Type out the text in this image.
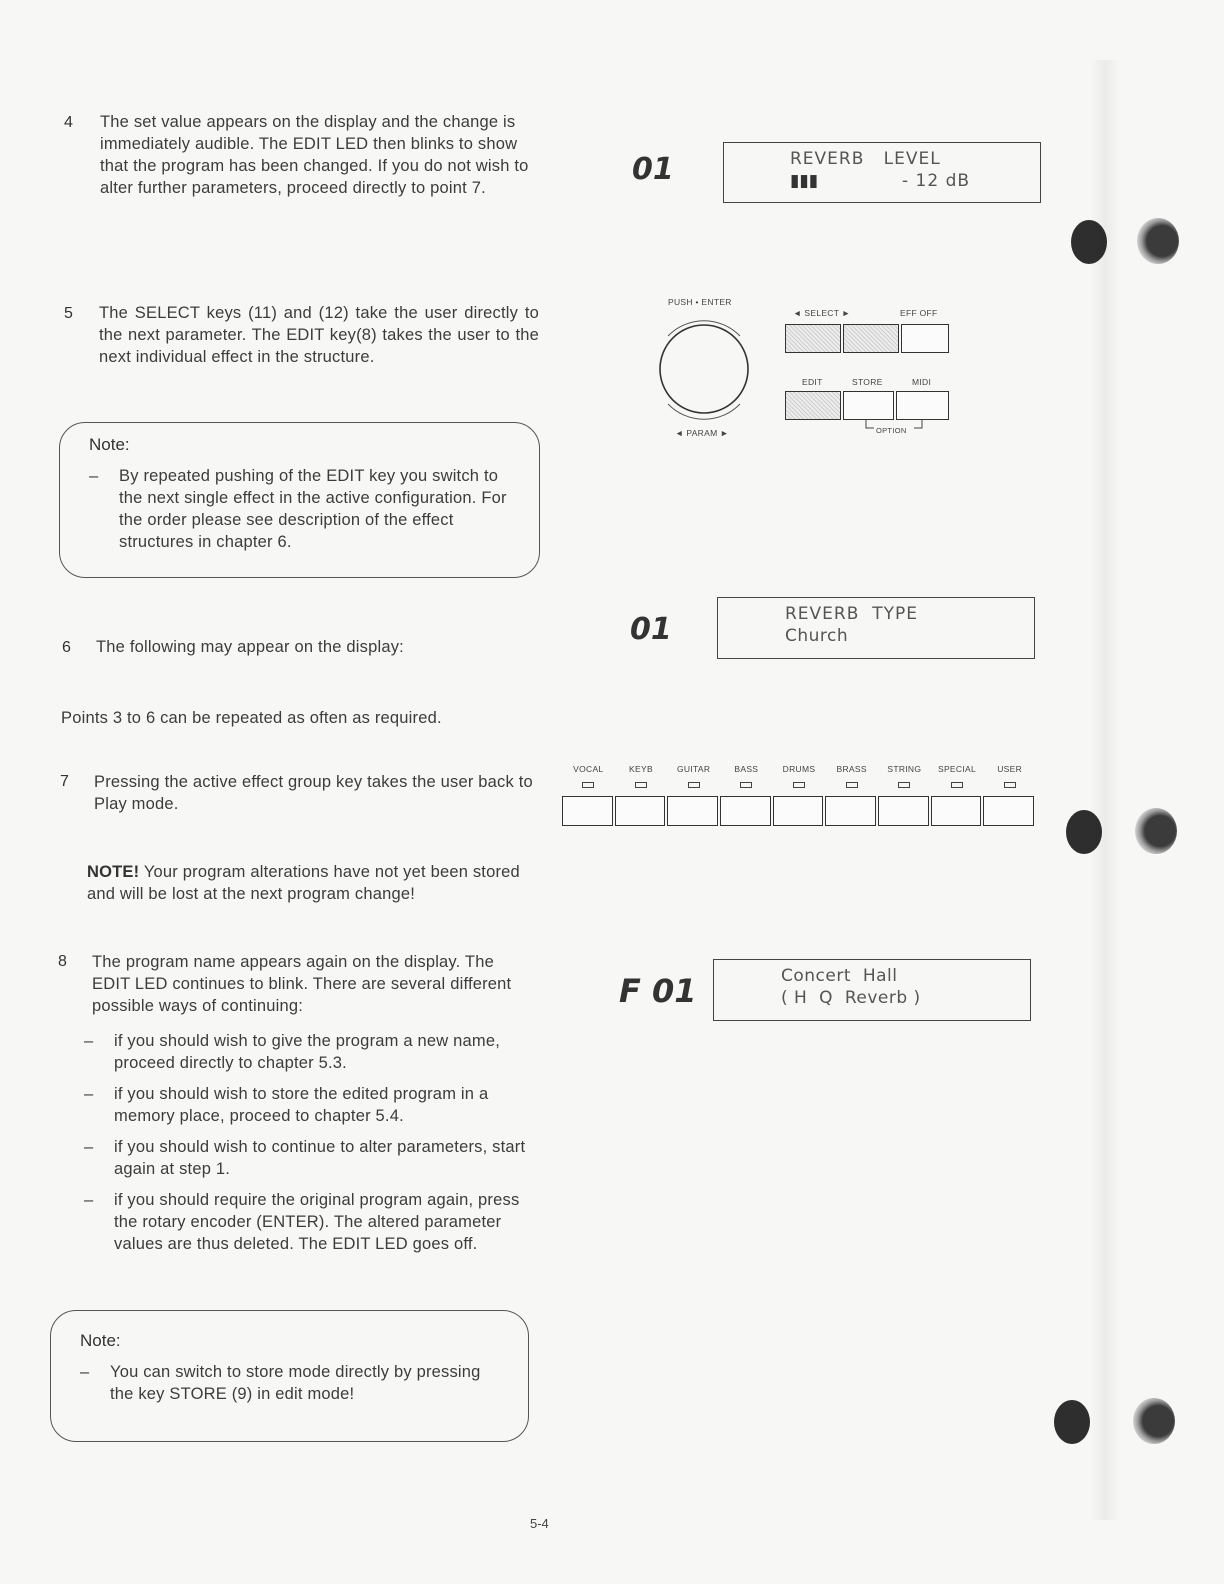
4 The set value appears on the display and the change is immediately audible. The EDIT LED then blinks to show that the program has been changed. If you do not wish to alter further parameters, proceed directly to point 7.
01	REVERB   LEVEL
▮▮▮	- 12 dB
5 The SELECT keys (11) and (12) take the user directly to the next parameter. The EDIT key(8) takes the user to the next individual effect in the structure.
PUSH • ENTER
◄ PARAM ►
◄ SELECT ►	EFF OFF
EDIT	STORE	MIDI
OPTION
Note:
–	By repeated pushing of the EDIT key you switch to the next single effect in the active configuration. For the order please see description of the effect structures in chapter 6.
6 The following may appear on the display:	01	REVERB  TYPE
Church
Points 3 to 6 can be repeated as often as required.
7 Pressing the active effect group key takes the user back to Play mode.
VOCAL	KEYB	GUITAR	BASS	DRUMS BRASS STRING SPECIAL USER
NOTE! Your program alterations have not yet been stored and will be lost at the next program change!
8 The program name appears again on the display. The EDIT LED continues to blink. There are several different possible ways of continuing:
–	if you should wish to give the program a new name, proceed directly to chapter 5.3.
–	if you should wish to store the edited program in a memory place, proceed to chapter 5.4.
–	if you should wish to continue to alter parameters, start again at step 1.
–	if you should require the original program again, press the rotary encoder (ENTER). The altered parameter values are thus deleted. The EDIT LED goes off.
F 01	Concert  Hall
( H  Q  Reverb )
Note:
–	You can switch to store mode directly by pressing the key STORE (9) in edit mode!
5-4
